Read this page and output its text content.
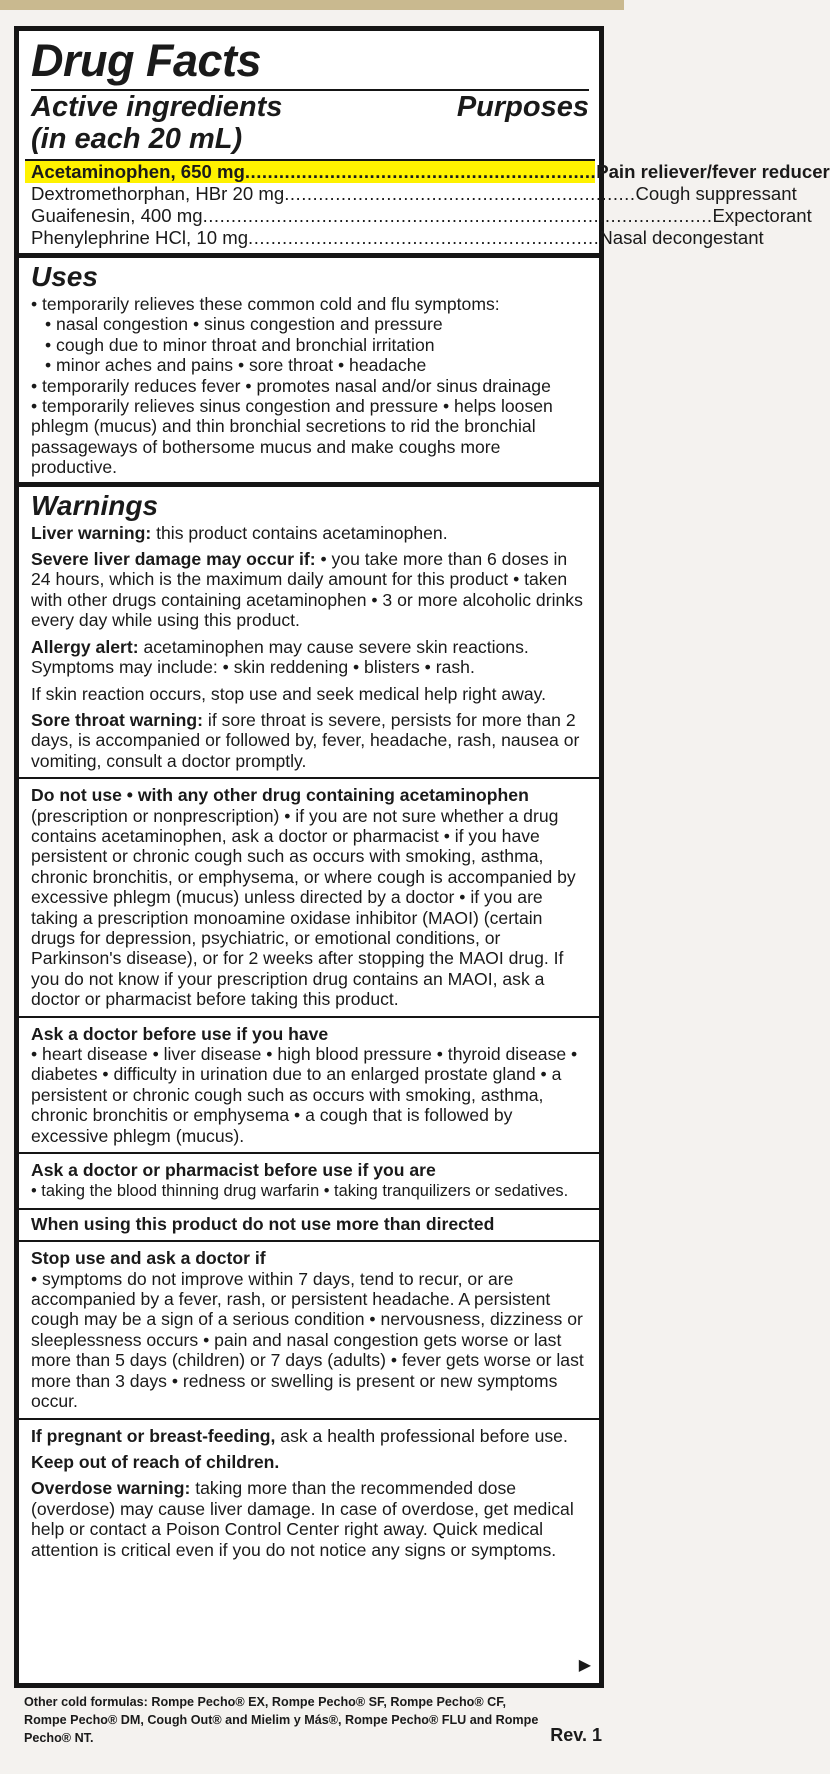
Drug Facts
Active ingredients
(in each 20 mL)
Purposes
Acetaminophen, 650 mg .............................................................. Pain reliever/fever reducer
Dextromethorphan, HBr 20 mg .............................................................. Cough suppressant
Guaifenesin, 400 mg .......................................................................................... Expectorant
Phenylephrine HCl, 10 mg .............................................................. Nasal decongestant
Uses
• temporarily relieves these common cold and flu symptoms:
• nasal congestion • sinus congestion and pressure
• cough due to minor throat and bronchial irritation
• minor aches and pains • sore throat • headache
• temporarily reduces fever • promotes nasal and/or sinus drainage
• temporarily relieves sinus congestion and pressure • helps loosen phlegm (mucus) and thin bronchial secretions to rid the bronchial passageways of bothersome mucus and make coughs more productive.
Warnings
Liver warning: this product contains acetaminophen.
Severe liver damage may occur if: • you take more than 6 doses in 24 hours, which is the maximum daily amount for this product • taken with other drugs containing acetaminophen • 3 or more alcoholic drinks every day while using this product.
Allergy alert: acetaminophen may cause severe skin reactions. Symptoms may include: • skin reddening • blisters • rash.
If skin reaction occurs, stop use and seek medical help right away.
Sore throat warning: if sore throat is severe, persists for more than 2 days, is accompanied or followed by, fever, headache, rash, nausea or vomiting, consult a doctor promptly.
Do not use • with any other drug containing acetaminophen (prescription or nonprescription) • if you are not sure whether a drug contains acetaminophen, ask a doctor or pharmacist • if you have persistent or chronic cough such as occurs with smoking, asthma, chronic bronchitis, or emphysema, or where cough is accompanied by excessive phlegm (mucus) unless directed by a doctor • if you are taking a prescription monoamine oxidase inhibitor (MAOI) (certain drugs for depression, psychiatric, or emotional conditions, or Parkinson's disease), or for 2 weeks after stopping the MAOI drug. If you do not know if your prescription drug contains an MAOI, ask a doctor or pharmacist before taking this product.
Ask a doctor before use if you have
• heart disease • liver disease • high blood pressure • thyroid disease • diabetes • difficulty in urination due to an enlarged prostate gland • a persistent or chronic cough such as occurs with smoking, asthma, chronic bronchitis or emphysema • a cough that is followed by excessive phlegm (mucus).
Ask a doctor or pharmacist before use if you are
• taking the blood thinning drug warfarin • taking tranquilizers or sedatives.
When using this product do not use more than directed
Stop use and ask a doctor if
• symptoms do not improve within 7 days, tend to recur, or are accompanied by a fever, rash, or persistent headache. A persistent cough may be a sign of a serious condition • nervousness, dizziness or sleeplessness occurs • pain and nasal congestion gets worse or last more than 5 days (children) or 7 days (adults) • fever gets worse or last more than 3 days • redness or swelling is present or new symptoms occur.
If pregnant or breast-feeding, ask a health professional before use.
Keep out of reach of children.
Overdose warning: taking more than the recommended dose (overdose) may cause liver damage. In case of overdose, get medical help or contact a Poison Control Center right away. Quick medical attention is critical even if you do not notice any signs or symptoms.
▶
Other cold formulas: Rompe Pecho® EX, Rompe Pecho® SF, Rompe Pecho® CF, Rompe Pecho® DM, Cough Out® and Mielim y Más®, Rompe Pecho® FLU and Rompe Pecho® NT.	Rev. 1
